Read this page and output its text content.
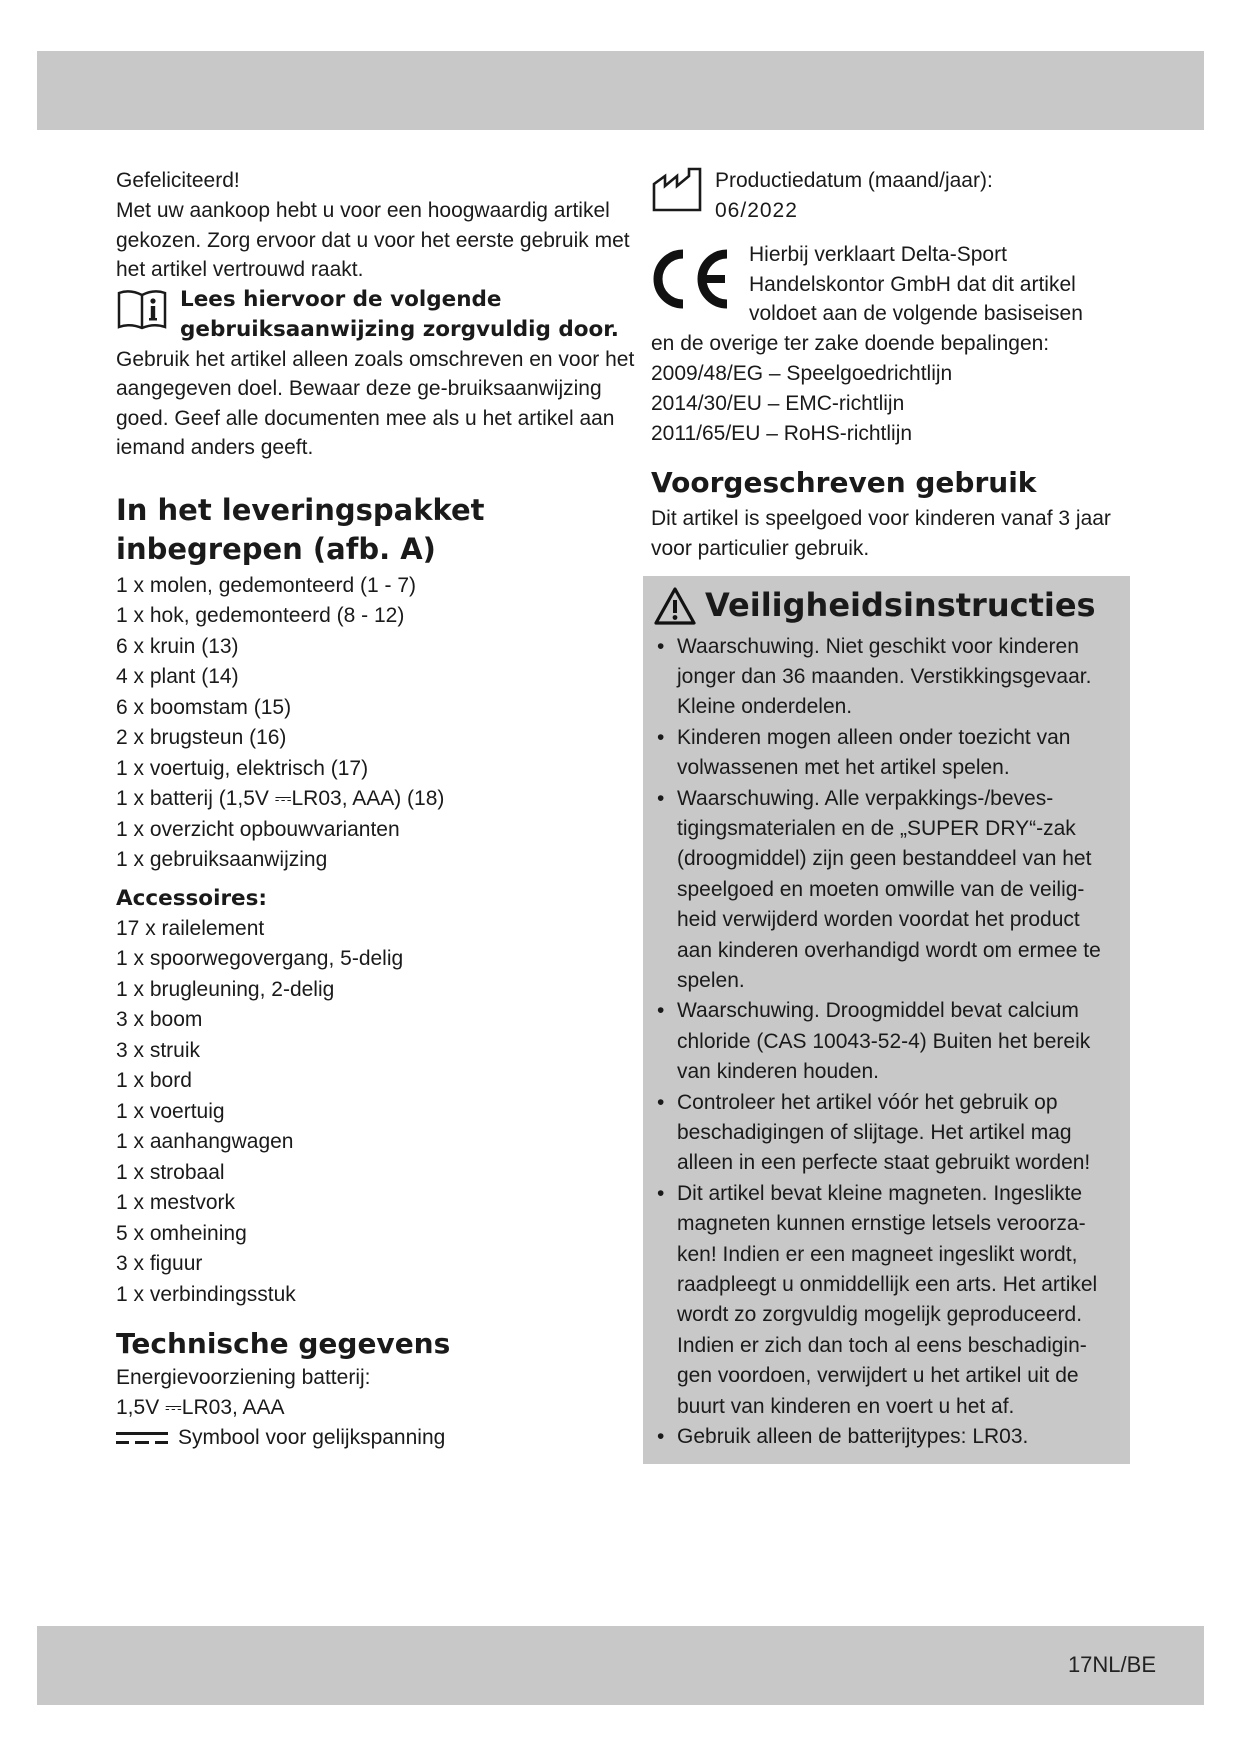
Gefeliciteerd!

Met uw aankoop hebt u voor een hoogwaardig artikel gekozen. Zorg ervoor dat u voor het eerste gebruik met het artikel vertrouwd raakt.

Lees hiervoor de volgende gebruiksaanwijzing zorgvuldig door.

Gebruik het artikel alleen zoals omschreven en voor het aangegeven doel. Bewaar deze ge-bruiksaanwijzing goed. Geef alle documenten mee als u het artikel aan iemand anders geeft.

In het leveringspakket
inbegrepen (afb. A)
1 x molen, gedemonteerd (1 - 7)
1 x hok, gedemonteerd (8 - 12)
6 x kruin (13)
4 x plant (14)
6 x boomstam (15)
2 x brugsteun (16)
1 x voertuig, elektrisch (17)
1 x batterij (1,5V ⎓LR03, AAA) (18)
1 x overzicht opbouwvarianten
1 x gebruiksaanwijzing
Accessoires:
17 x railelement
1 x spoorwegovergang, 5-delig
1 x brugleuning, 2-delig
3 x boom
3 x struik
1 x bord
1 x voertuig
1 x aanhangwagen
1 x strobaal
1 x mestvork
5 x omheining
3 x figuur
1 x verbindingsstuk
Technische gegevens

Energievoorziening batterij:

1,5V ⎓LR03, AAA

Symbool voor gelijkspanning

Productiedatum (maand/jaar):

06/2022

Hierbij verklaart Delta-Sport Handelskontor GmbH dat dit artikel voldoet aan de volgende basiseisen

en de overige ter zake doende bepalingen:

2009/48/EG – Speelgoedrichtlijn

2014/30/EU – EMC-richtlijn

2011/65/EU – RoHS-richtlijn

Voorgeschreven gebruik

Dit artikel is speelgoed voor kinderen vanaf 3 jaar voor particulier gebruik.

Veiligheidsinstructies
• Waarschuwing. Niet geschikt voor kinderen jonger dan 36 maanden. Verstikkingsgevaar. Kleine onderdelen.
• Kinderen mogen alleen onder toezicht van volwassenen met het artikel spelen.
• Waarschuwing. Alle verpakkings-/beves-tigingsmaterialen en de „SUPER DRY“-zak (droogmiddel) zijn geen bestanddeel van het speelgoed en moeten omwille van de veilig-heid verwijderd worden voordat het product aan kinderen overhandigd wordt om ermee te spelen.
• Waarschuwing. Droogmiddel bevat calcium chloride (CAS 10043-52-4) Buiten het bereik van kinderen houden.
• Controleer het artikel vóór het gebruik op beschadigingen of slijtage. Het artikel mag alleen in een perfecte staat gebruikt worden!
• Dit artikel bevat kleine magneten. Ingeslikte magneten kunnen ernstige letsels veroorza-ken! Indien er een magneet ingeslikt wordt, raadpleegt u onmiddellijk een arts. Het artikel wordt zo zorgvuldig mogelijk geproduceerd. Indien er zich dan toch al eens beschadigin-gen voordoen, verwijdert u het artikel uit de buurt van kinderen en voert u het af.
• Gebruik alleen de batterijtypes: LR03.
17NL/BE
